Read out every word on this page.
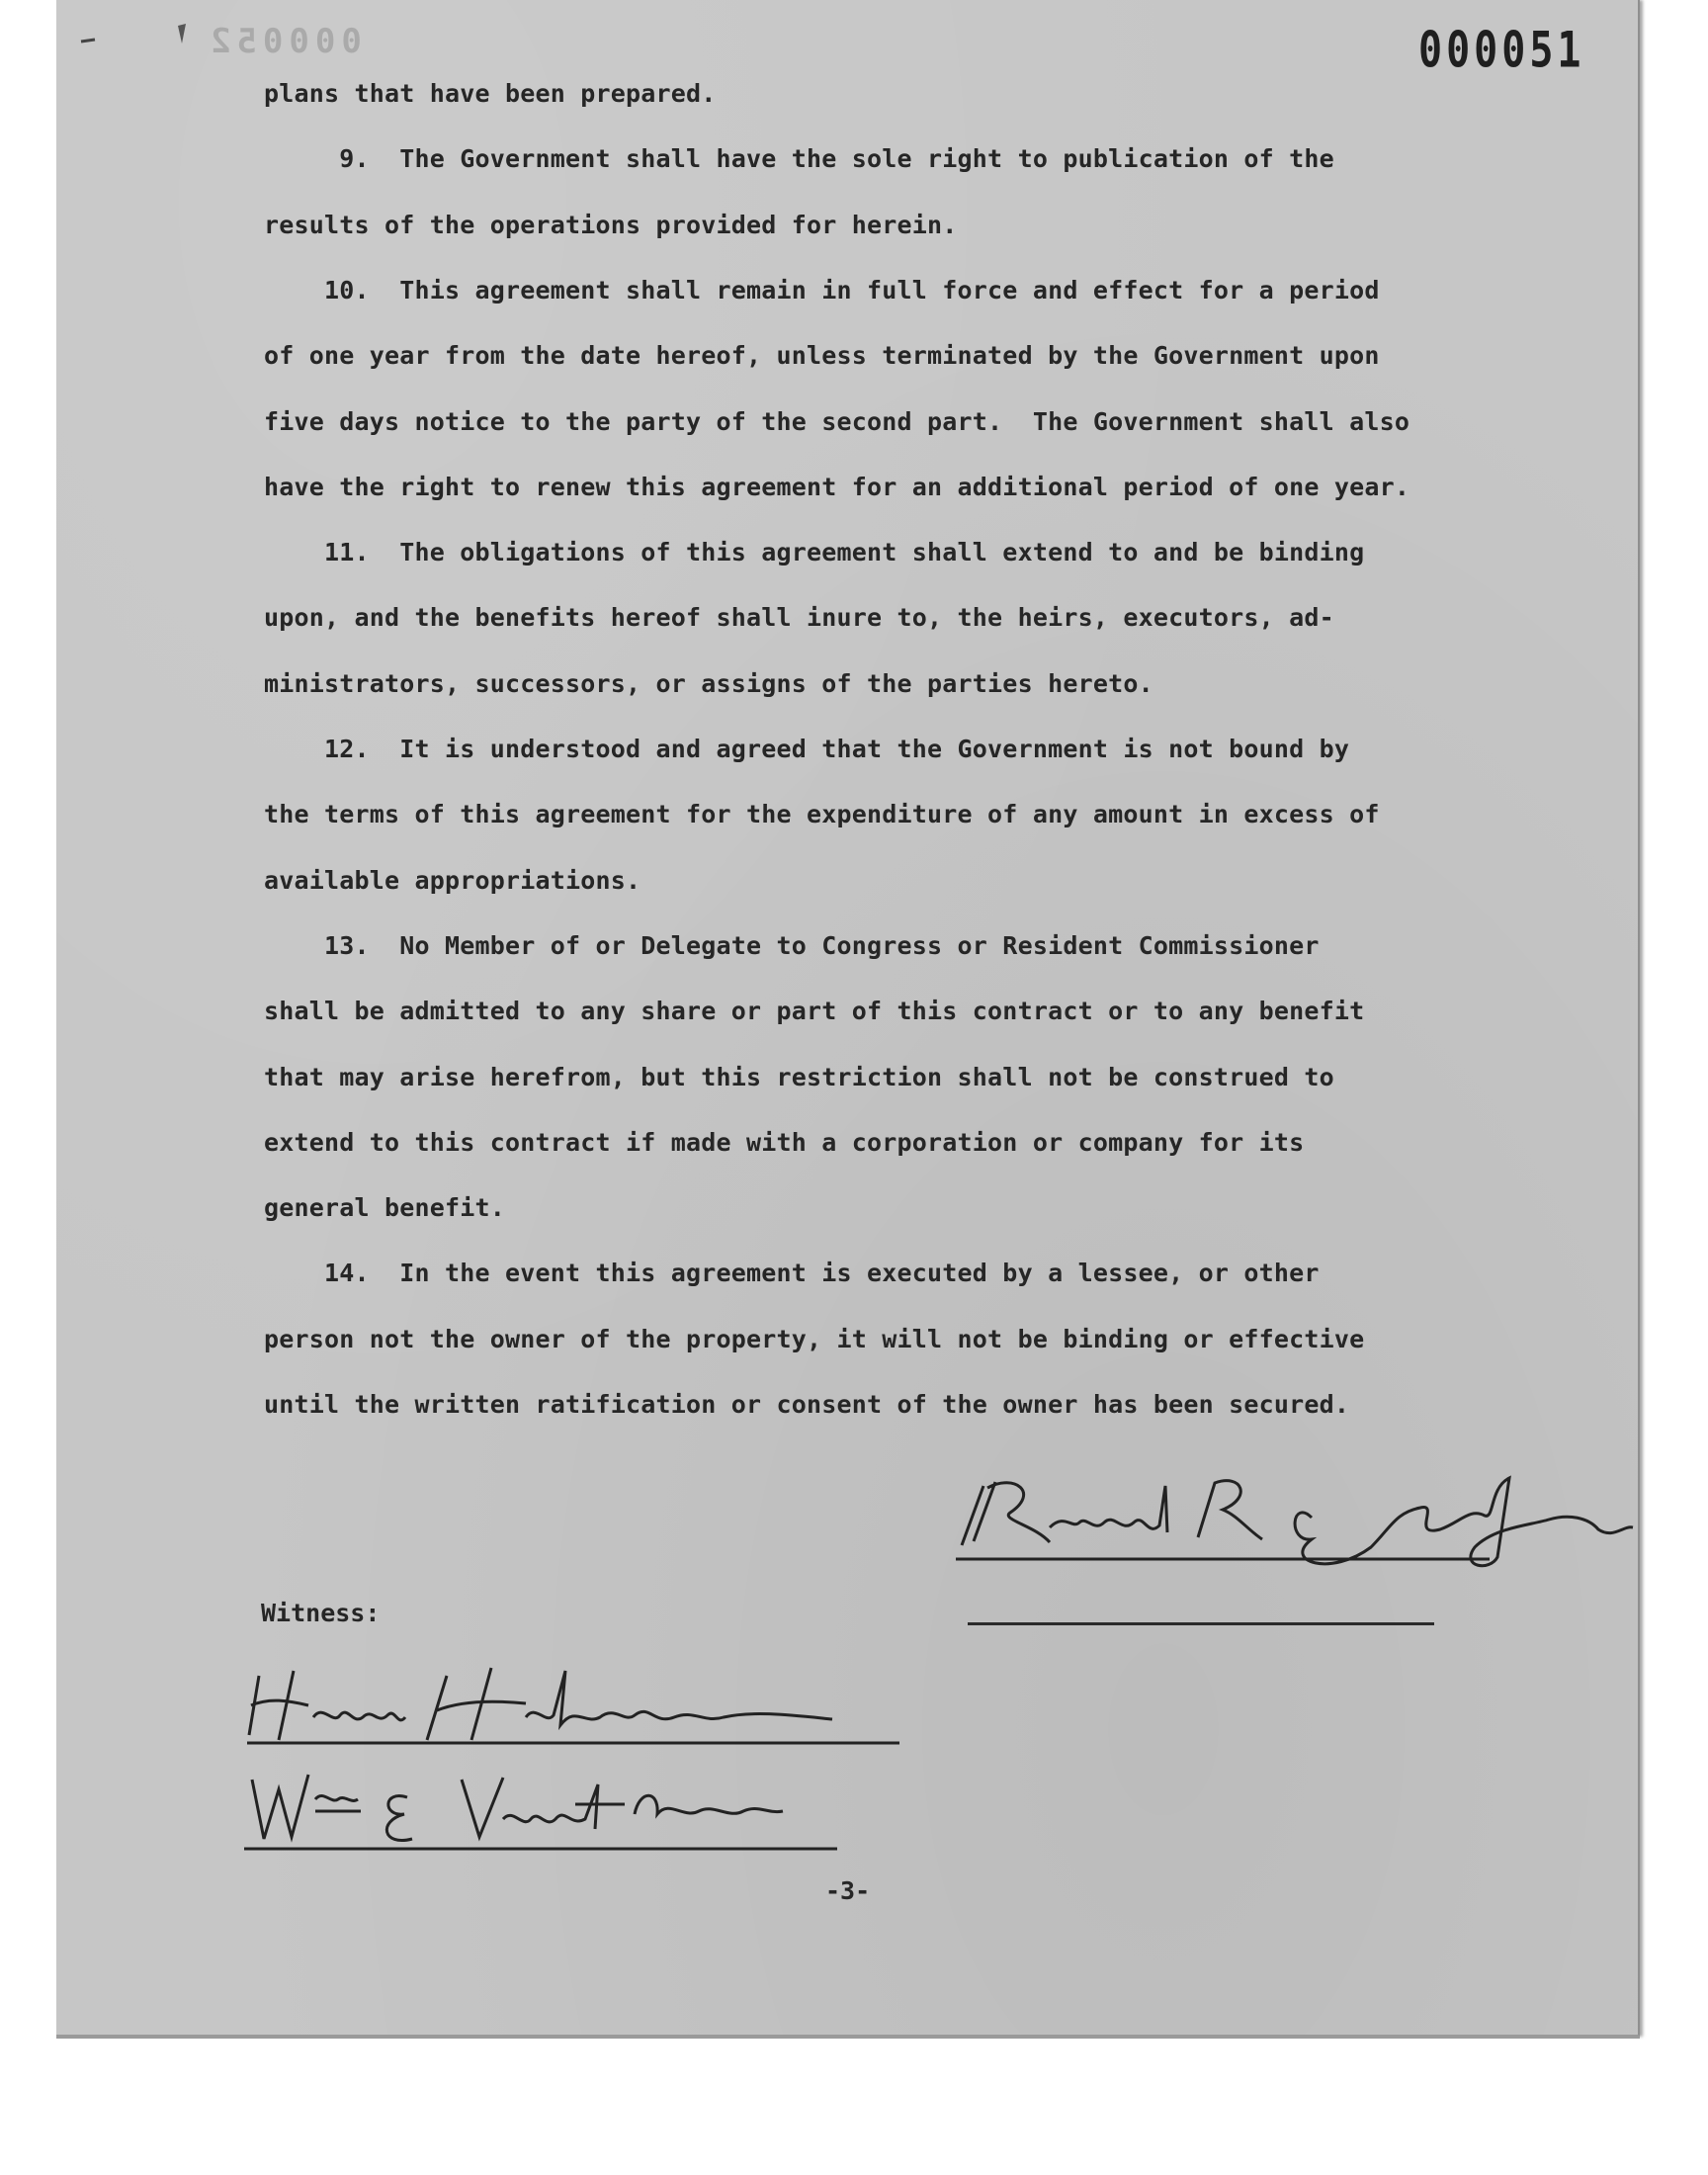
000052	000051

plans that have been prepared.

9.  The Government shall have the sole right to publication of the

results of the operations provided for herein.

10.  This agreement shall remain in full force and effect for a period

of one year from the date hereof, unless terminated by the Government upon

five days notice to the party of the second part.  The Government shall also

have the right to renew this agreement for an additional period of one year.

11.  The obligations of this agreement shall extend to and be binding

upon, and the benefits hereof shall inure to, the heirs, executors, ad-

ministrators, successors, or assigns of the parties hereto.

12.  It is understood and agreed that the Government is not bound by

the terms of this agreement for the expenditure of any amount in excess of

available appropriations.

13.  No Member of or Delegate to Congress or Resident Commissioner

shall be admitted to any share or part of this contract or to any benefit

that may arise herefrom, but this restriction shall not be construed to

extend to this contract if made with a corporation or company for its

general benefit.

14.  In the event this agreement is executed by a lessee, or other

person not the owner of the property, it will not be binding or effective

until the written ratification or consent of the owner has been secured.

Witness:

-3-
